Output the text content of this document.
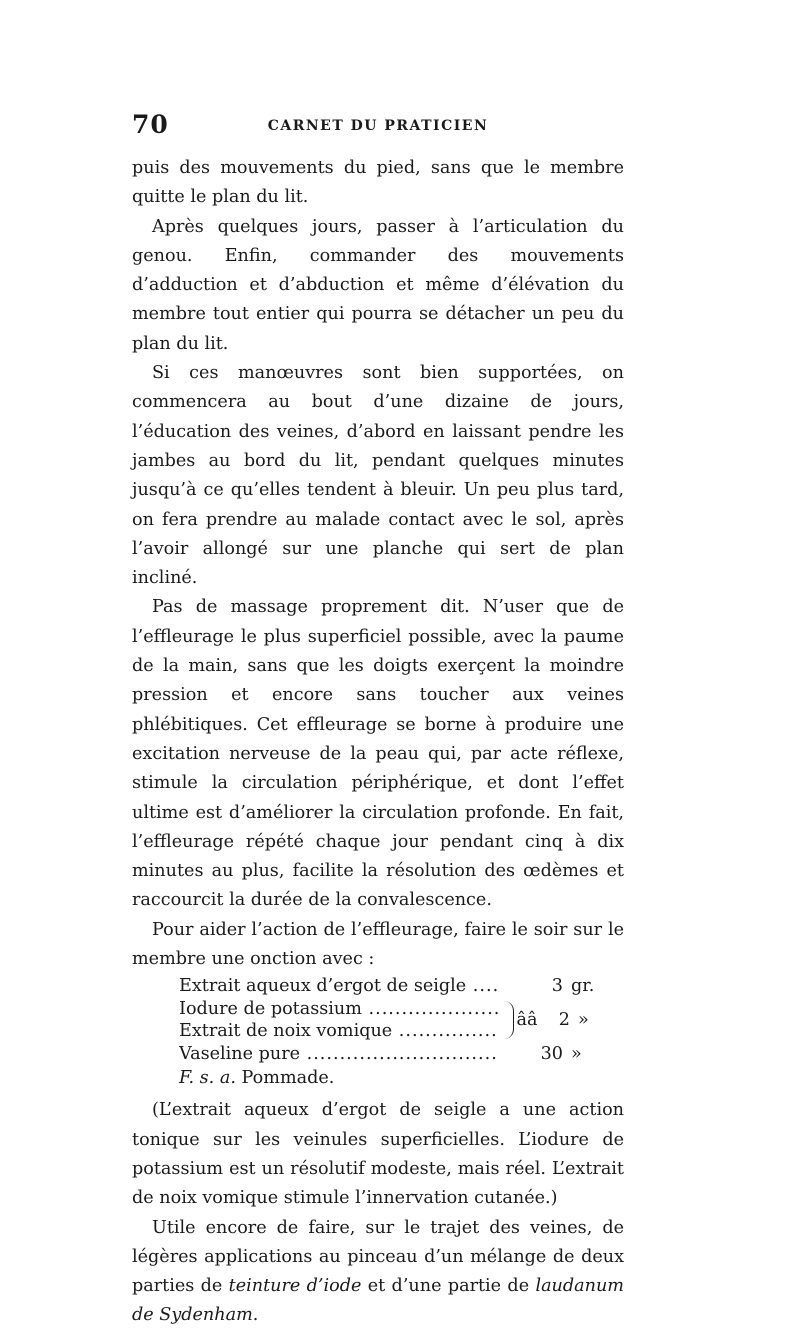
70	CARNET DU PRATICIEN

puis des mouvements du pied, sans que le membre quitte le plan du lit.

Après quelques jours, passer à l’articulation du genou. Enfin, commander des mouvements d’adduction et d’abduction et même d’élévation du membre tout entier qui pourra se détacher un peu du plan du lit.

Si ces manœuvres sont bien supportées, on commencera au bout d’une dizaine de jours, l’éducation des veines, d’abord en laissant pendre les jambes au bord du lit, pendant quelques minutes jusqu’à ce qu’elles tendent à bleuir. Un peu plus tard, on fera prendre au malade contact avec le sol, après l’avoir allongé sur une planche qui sert de plan incliné.

Pas de massage proprement dit. N’user que de l’effleurage le plus superficiel possible, avec la paume de la main, sans que les doigts exerçent la moindre pression et encore sans toucher aux veines phlébitiques. Cet effleurage se borne à produire une excitation nerveuse de la peau qui, par acte réflexe, stimule la circulation périphérique, et dont l’effet ultime est d’améliorer la circulation profonde. En fait, l’effleurage répété chaque jour pendant cinq à dix minutes au plus, facilite la résolution des œdèmes et raccourcit la durée de la convalescence.

Pour aider l’action de l’effleurage, faire le soir sur le membre une onction avec :

Extrait aqueux d’ergot de seigle .....	3 gr.
Iodure de potassium .....
Extrait de noix vomique .....
ââ	2 »
Vaseline pure .....	30 »
F. s. a. Pommade.

(L’extrait aqueux d’ergot de seigle a une action tonique sur les veinules superficielles. L’iodure de potassium est un résolutif modeste, mais réel. L’extrait de noix vomique stimule l’innervation cutanée.)

Utile encore de faire, sur le trajet des veines, de légères applications au pinceau d’un mélange de deux parties de teinture d’iode et d’une partie de laudanum de Sydenham.
